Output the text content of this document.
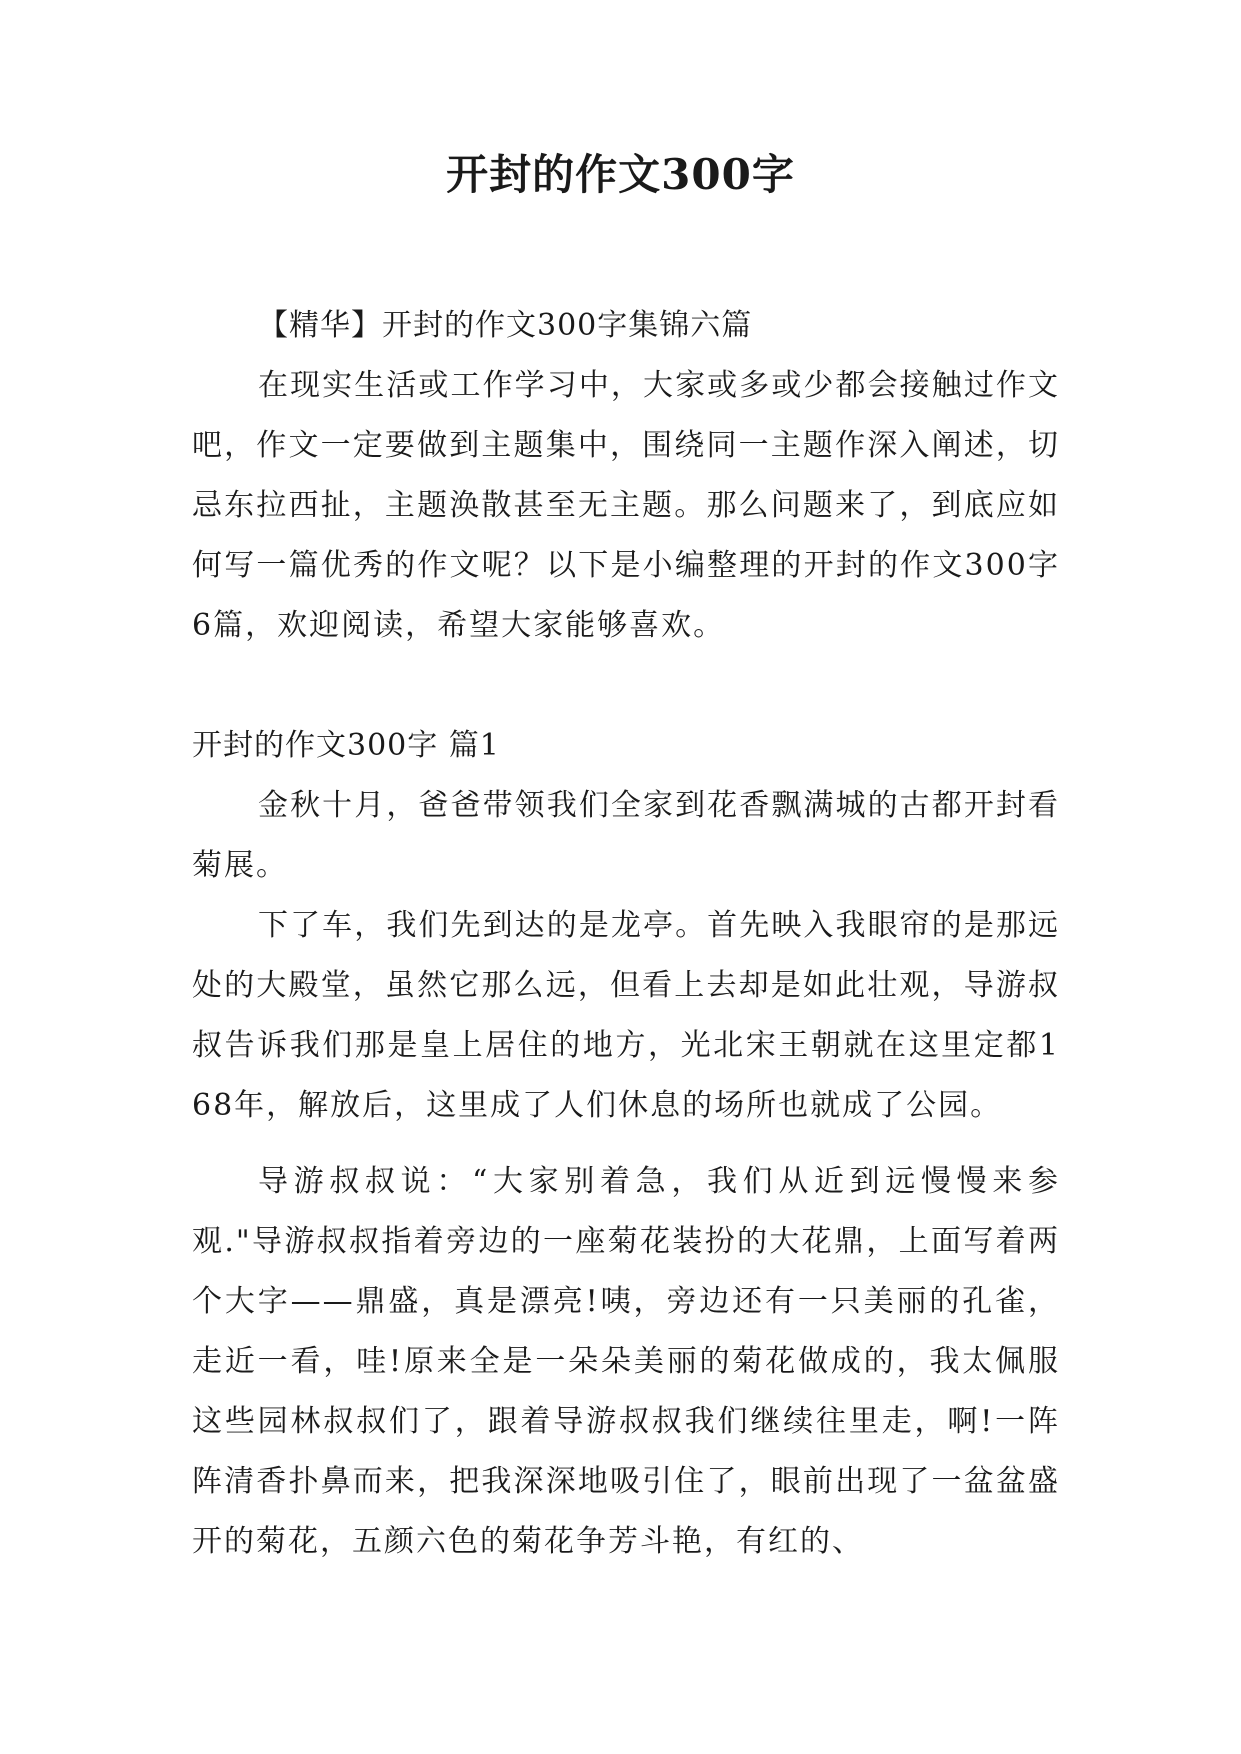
开封的作文300字

【精华】开封的作文300字集锦六篇

在现实生活或工作学习中，大家或多或少都会接触过作文吧，作文一定要做到主题集中，围绕同一主题作深入阐述，切忌东拉西扯，主题涣散甚至无主题。那么问题来了，到底应如何写一篇优秀的作文呢？以下是小编整理的开封的作文300字6篇，欢迎阅读，希望大家能够喜欢。

开封的作文300字 篇1

金秋十月，爸爸带领我们全家到花香飘满城的古都开封看菊展。

下了车，我们先到达的是龙亭。首先映入我眼帘的是那远处的大殿堂，虽然它那么远，但看上去却是如此壮观，导游叔叔告诉我们那是皇上居住的地方，光北宋王朝就在这里定都168年，解放后，这里成了人们休息的场所也就成了公园。

导游叔叔说：“大家别着急，我们从近到远慢慢来参观."导游叔叔指着旁边的一座菊花装扮的大花鼎，上面写着两个大字——鼎盛，真是漂亮!咦，旁边还有一只美丽的孔雀，走近一看，哇!原来全是一朵朵美丽的菊花做成的，我太佩服这些园林叔叔们了，跟着导游叔叔我们继续往里走，啊!一阵阵清香扑鼻而来，把我深深地吸引住了，眼前出现了一盆盆盛开的菊花，五颜六色的菊花争芳斗艳，有红的、
